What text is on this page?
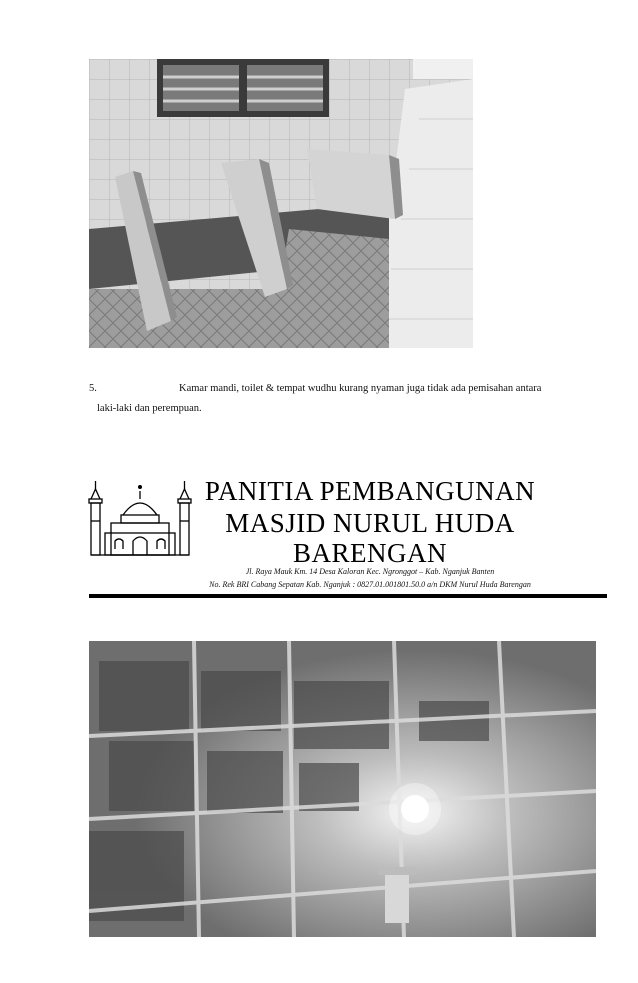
5.	Kamar mandi, toilet & tempat wudhu kurang nyaman juga tidak ada pemisahan antara
laki-laki dan perempuan.
PANITIA PEMBANGUNAN
MASJID NURUL HUDA
BARENGAN
Jl. Raya Mauk Km. 14 Desa Kaloran Kec. Ngronggot – Kab. Nganjuk Banten
No. Rek BRI Cabang Sepatan Kab. Nganjuk : 0827.01.001801.50.0 a/n DKM Nurul Huda Barengan
